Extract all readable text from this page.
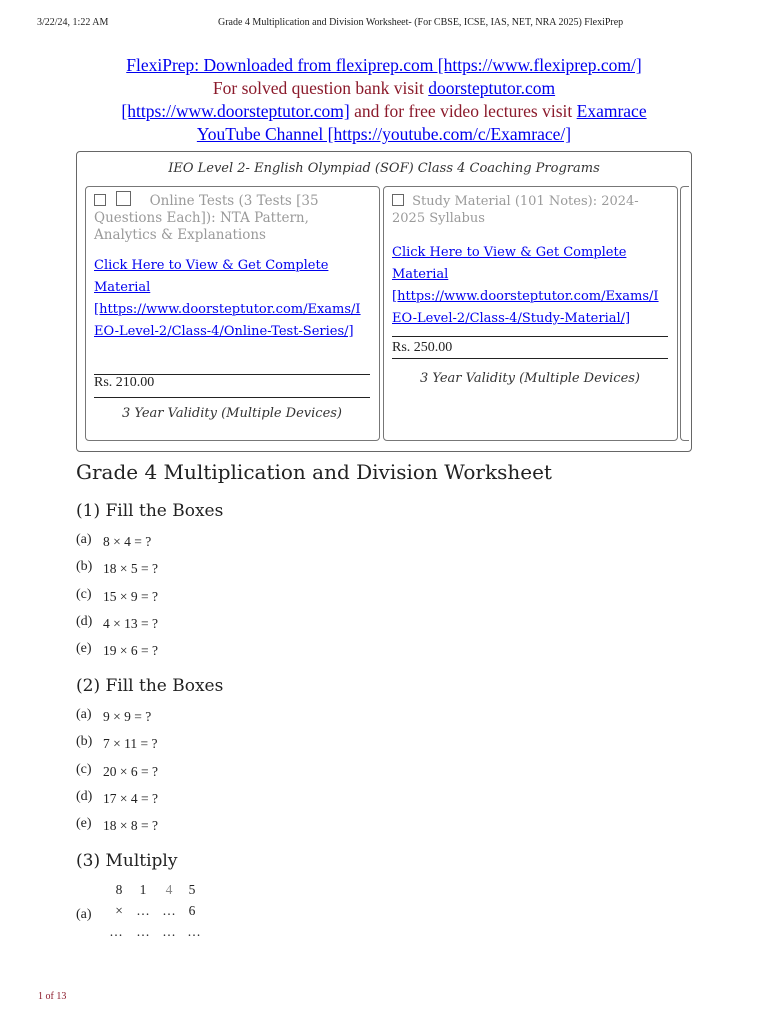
3/22/24, 1:22 AM	Grade 4 Multiplication and Division Worksheet- (For CBSE, ICSE, IAS, NET, NRA 2025) FlexiPrep
FlexiPrep: Downloaded from flexiprep.com [https://www.flexiprep.com/]
For solved question bank visit doorsteptutor.com
[https://www.doorsteptutor.com] and for free video lectures visit Examrace
YouTube Channel [https://youtube.com/c/Examrace/]
IEO Level 2- English Olympiad (SOF) Class 4 Coaching Programs
Online Tests (3 Tests [35 Questions Each]): NTA Pattern, Analytics & Explanations
Click Here to View & Get Complete Material [https://www.doorsteptutor.com/Exams/IEO-Level-2/Class-4/Online-Test-Series/]
Rs. 210.00
3 Year Validity (Multiple Devices)
Study Material (101 Notes): 2024-2025 Syllabus
Click Here to View & Get Complete Material [https://www.doorsteptutor.com/Exams/IEO-Level-2/Class-4/Study-Material/]
Rs. 250.00
3 Year Validity (Multiple Devices)
Grade 4 Multiplication and Division Worksheet
(1) Fill the Boxes
(a) 8 × 4 = ?
(b) 18 × 5 = ?
(c) 15 × 9 = ?
(d) 4 × 13 = ?
(e) 19 × 6 = ?
(2) Fill the Boxes
(a) 9 × 9 = ?
(b) 7 × 11 = ?
(c) 20 × 6 = ?
(d) 17 × 4 = ?
(e) 18 × 8 = ?
(3) Multiply
(a)
8	1	4	5
× … … 6
…	… … …
1 of 13
